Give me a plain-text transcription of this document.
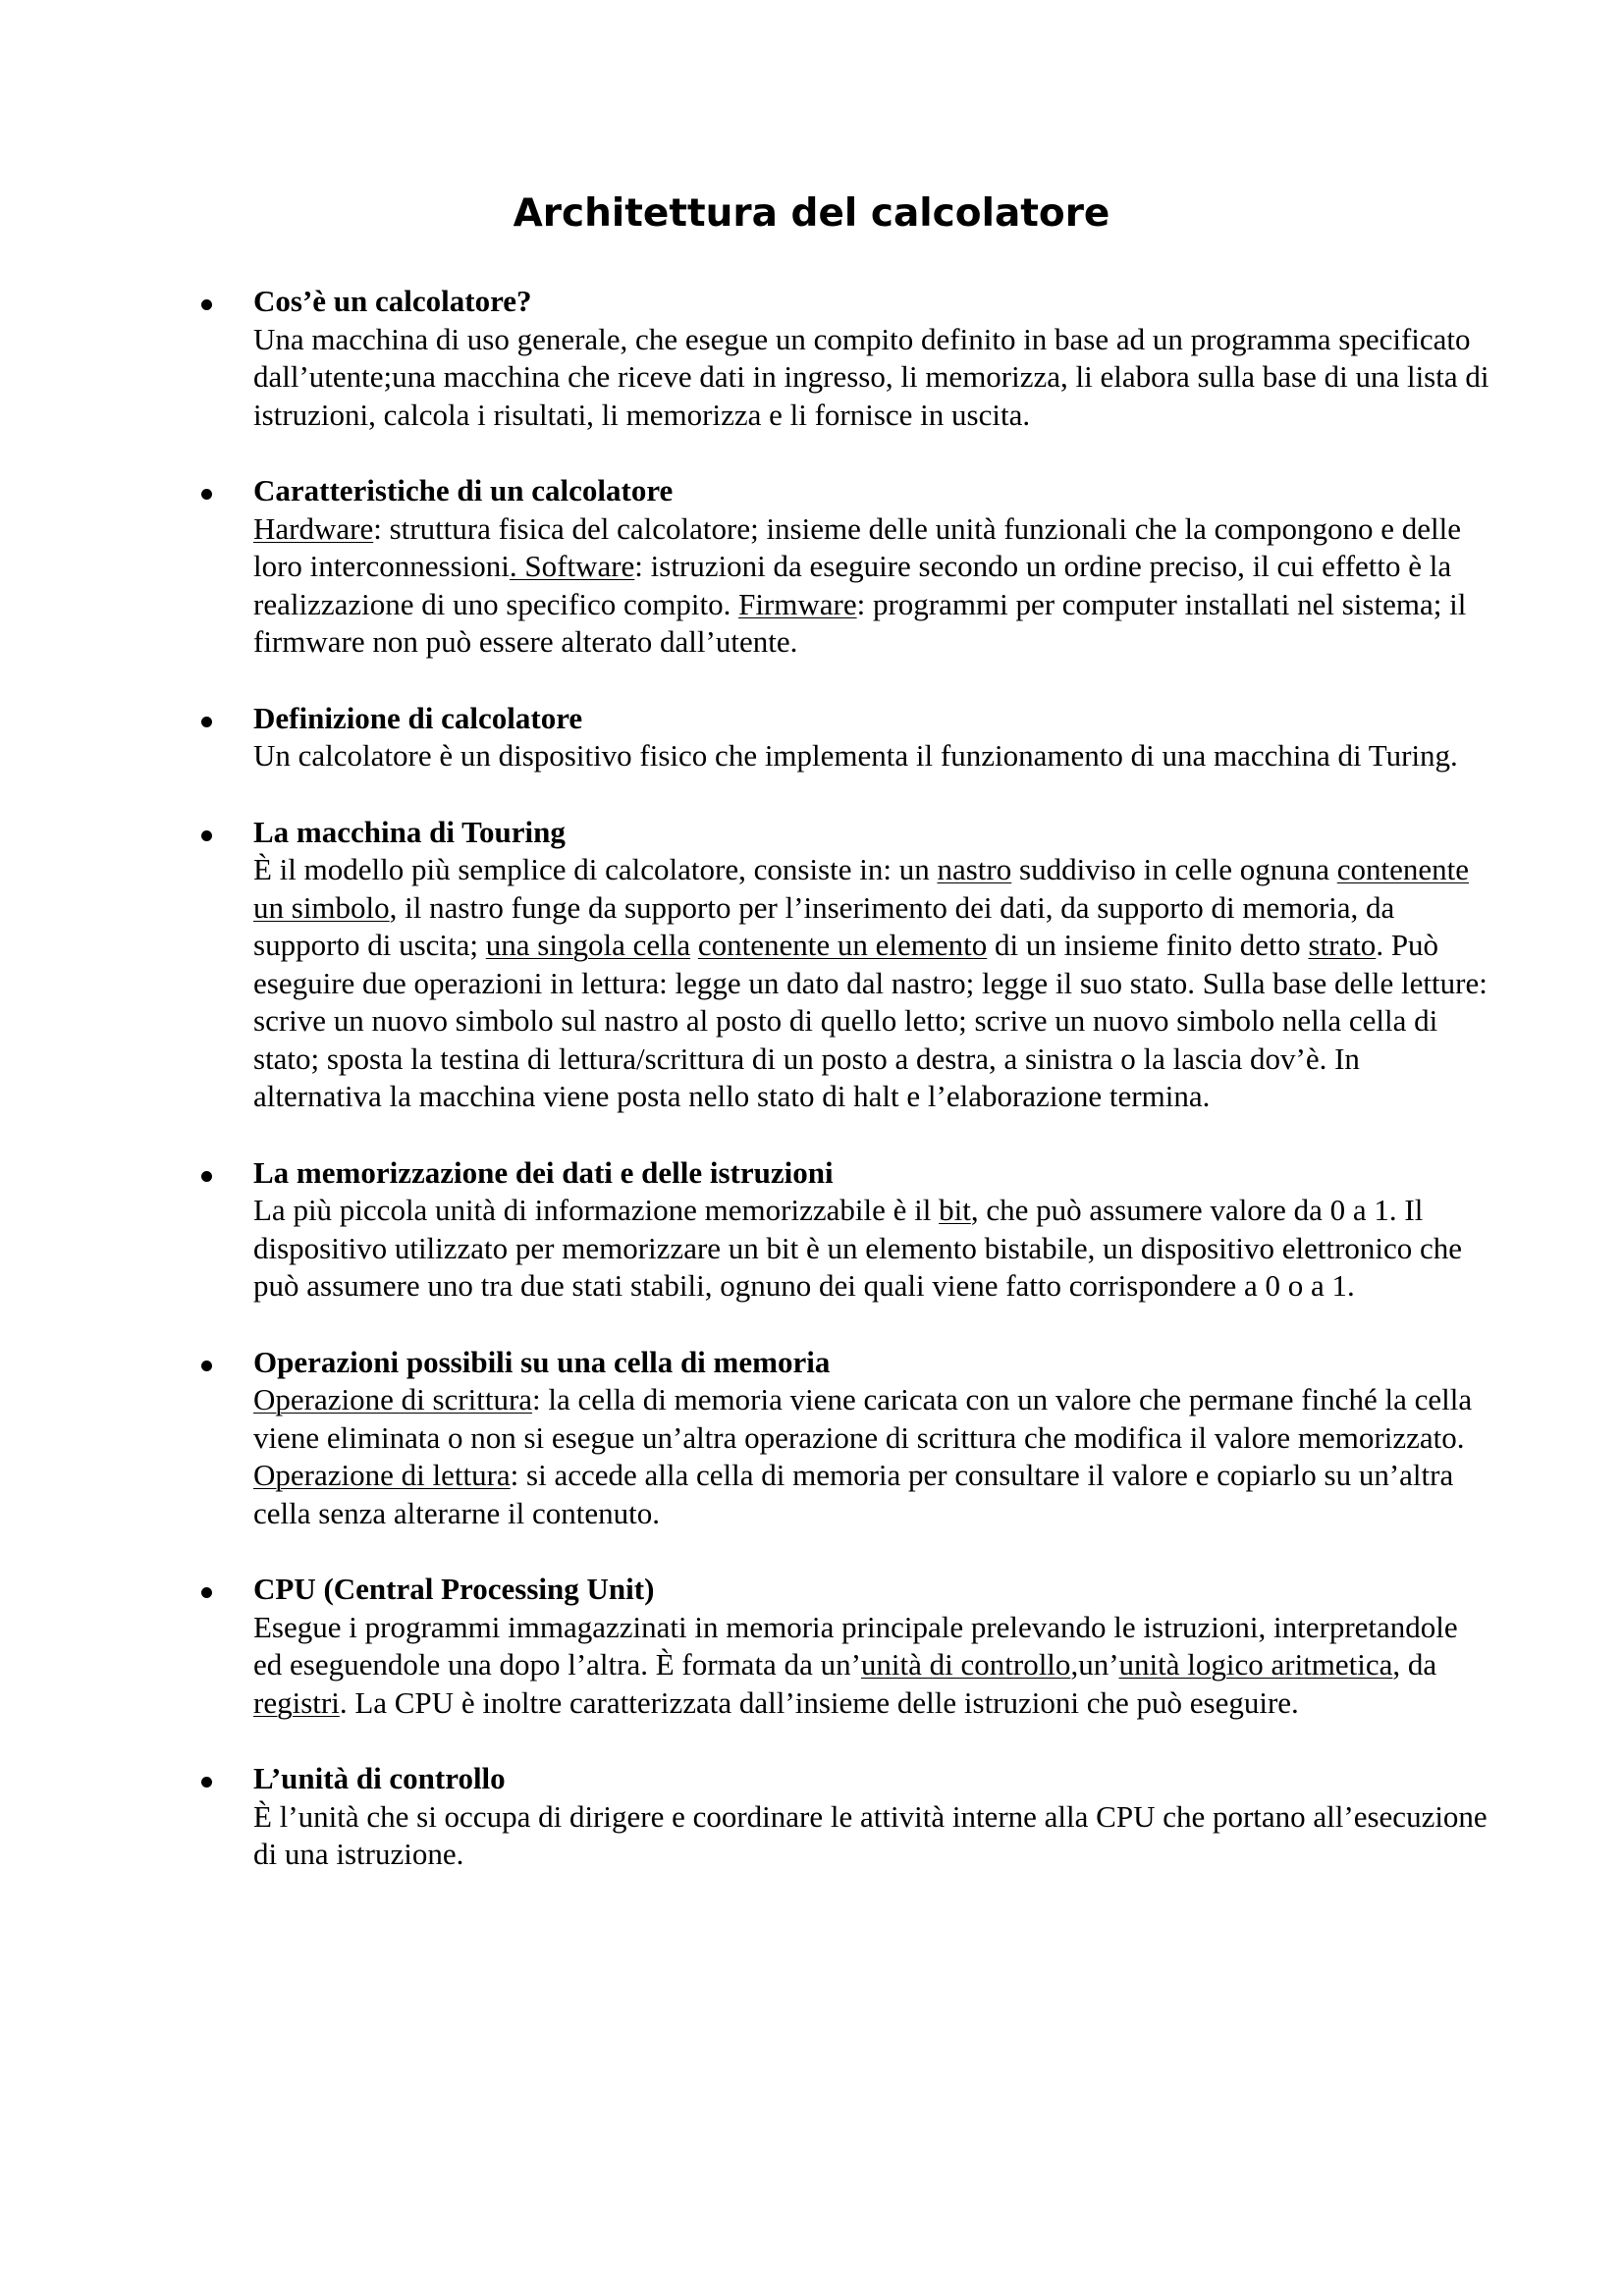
Architettura del calcolatore
Cos’è un calcolatore?
Una macchina di uso generale, che esegue un compito definito in base ad un programma specificato dall’utente;una macchina che riceve dati in ingresso, li memorizza, li elabora sulla base di una lista di istruzioni, calcola i risultati, li memorizza e li fornisce in uscita.
Caratteristiche di un calcolatore
Hardware: struttura fisica del calcolatore; insieme delle unità funzionali che la compongono e delle loro interconnessioni. Software: istruzioni da eseguire secondo un ordine preciso, il cui effetto è la realizzazione di uno specifico compito. Firmware: programmi per computer installati nel sistema; il firmware non può essere alterato dall’utente.
Definizione di calcolatore
Un calcolatore è un dispositivo fisico che implementa il funzionamento di una macchina di Turing.
La macchina di Touring
È il modello più semplice di calcolatore, consiste in: un nastro suddiviso in celle ognuna contenente un simbolo, il nastro funge da supporto per l’inserimento dei dati, da supporto di memoria, da supporto di uscita; una singola cella contenente un elemento di un insieme finito detto strato. Può eseguire due operazioni in lettura: legge un dato dal nastro; legge il suo stato. Sulla base delle letture: scrive un nuovo simbolo sul nastro al posto di quello letto; scrive un nuovo simbolo nella cella di stato; sposta la testina di lettura/scrittura di un posto a destra, a sinistra o la lascia dov’è. In alternativa la macchina viene posta nello stato di halt e l’elaborazione termina.
La memorizzazione dei dati e delle istruzioni
La più piccola unità di informazione memorizzabile è il bit, che può assumere valore da 0 a 1. Il dispositivo utilizzato per memorizzare un bit è un elemento bistabile, un dispositivo elettronico che può assumere uno tra due stati stabili, ognuno dei quali viene fatto corrispondere a 0 o a 1.
Operazioni possibili su una cella di memoria
Operazione di scrittura: la cella di memoria viene caricata con un valore che permane finché la cella viene eliminata o non si esegue un’altra operazione di scrittura che modifica il valore memorizzato.
Operazione di lettura: si accede alla cella di memoria per consultare il valore e copiarlo su un’altra cella senza alterarne il contenuto.
CPU (Central Processing Unit)
Esegue i programmi immagazzinati in memoria principale prelevando le istruzioni, interpretandole ed eseguendole una dopo l’altra. È formata da un’unità di controllo,un’unità logico aritmetica, da registri. La CPU è inoltre caratterizzata dall’insieme delle istruzioni che può eseguire.
L’unità di controllo
È l’unità che si occupa di dirigere e coordinare le attività interne alla CPU che portano all’esecuzione di una istruzione.
